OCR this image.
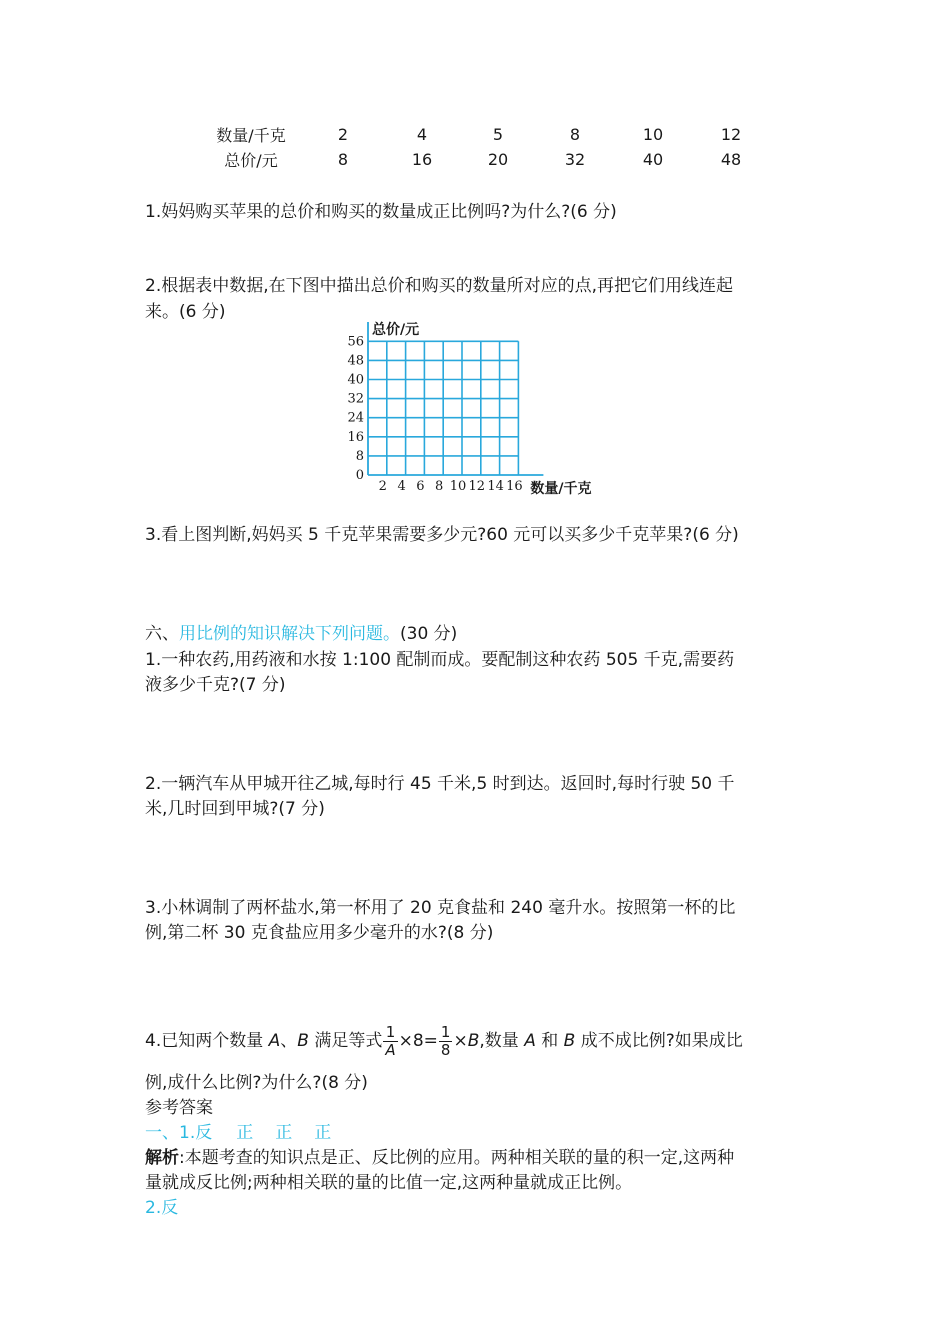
数量/千克	2	4	5	8	10	12
总价/元	8	16	20	32	40	48
1.妈妈购买苹果的总价和购买的数量成正比例吗?为什么?(6 分)
2.根据表中数据,在下图中描出总价和购买的数量所对应的点,再把它们用线连起
来。(6 分)
0
8
16
24
32
40
48
56
2 4 6 8 10 12 14 16
总价/元
数量/千克
3.看上图判断,妈妈买 5 千克苹果需要多少元?60 元可以买多少千克苹果?(6 分)
六、用比例的知识解决下列问题。(30 分)
1.一种农药,用药液和水按 1:100 配制而成。要配制这种农药 505 千克,需要药
液多少千克?(7 分)
2.一辆汽车从甲城开往乙城,每时行 45 千米,5 时到达。返回时,每时行驶 50 千
米,几时回到甲城?(7 分)
3.小林调制了两杯盐水,第一杯用了 20 克食盐和 240 毫升水。按照第一杯的比
例,第二杯 30 克食盐应用多少毫升的水?(8 分)
4.已知两个数量 A、B 满足等式 $\frac{1}{A} \times 8= \frac{1}{8} \times B$,数量 A 和 B 成不成比例?如果成比
例,成什么比例?为什么?(8 分)
参考答案
一、1.反 正 正 正
解析:本题考查的知识点是正、反比例的应用。两种相关联的量的积一定,这两种
量就成反比例;两种相关联的量的比值一定,这两种量就成正比例。
2.反
